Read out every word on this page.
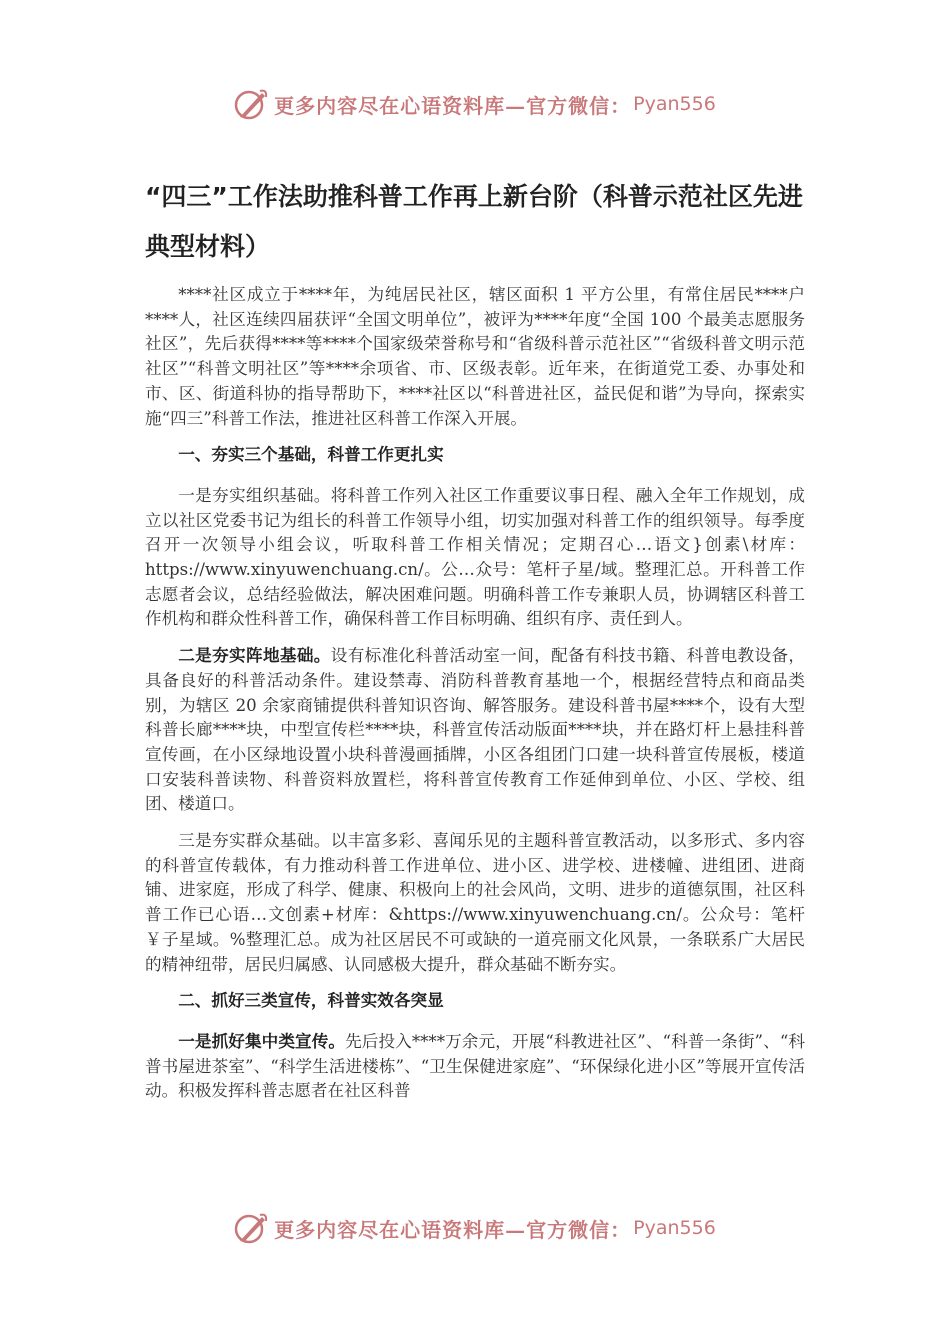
更多内容尽在心语资料库—官方微信： Pyan556
“四三”工作法助推科普工作再上新台阶（科普示范社区先进典型材料）

****社区成立于****年，为纯居民社区，辖区面积 1 平方公里，有常住居民****户****人，社区连续四届获评“全国文明单位”，被评为****年度“全国 100 个最美志愿服务社区”，先后获得****等****个国家级荣誉称号和“省级科普示范社区”“省级科普文明示范社区”“科普文明社区”等****余项省、市、区级表彰。近年来，在街道党工委、办事处和市、区、街道科协的指导帮助下，****社区以“科普进社区，益民促和谐”为导向，探索实施“四三”科普工作法，推进社区科普工作深入开展。

一、夯实三个基础，科普工作更扎实

一是夯实组织基础。将科普工作列入社区工作重要议事日程、融入全年工作规划，成立以社区党委书记为组长的科普工作领导小组，切实加强对科普工作的组织领导。每季度召开一次领导小组会议，听取科普工作相关情况；定期召心…语文}创素\材库：https://www.xinyuwenchuang.cn/。公…众号：笔杆子星/域。整理汇总。开科普工作志愿者会议，总结经验做法，解决困难问题。明确科普工作专兼职人员，协调辖区科普工作机构和群众性科普工作，确保科普工作目标明确、组织有序、责任到人。

二是夯实阵地基础。设有标准化科普活动室一间，配备有科技书籍、科普电教设备，具备良好的科普活动条件。建设禁毒、消防科普教育基地一个，根据经营特点和商品类别，为辖区 20 余家商铺提供科普知识咨询、解答服务。建设科普书屋****个，设有大型科普长廊****块，中型宣传栏****块，科普宣传活动版面****块，并在路灯杆上悬挂科普宣传画，在小区绿地设置小块科普漫画插牌，小区各组团门口建一块科普宣传展板，楼道口安装科普读物、科普资料放置栏，将科普宣传教育工作延伸到单位、小区、学校、组团、楼道口。

三是夯实群众基础。以丰富多彩、喜闻乐见的主题科普宣教活动，以多形式、多内容的科普宣传载体，有力推动科普工作进单位、进小区、进学校、进楼幢、进组团、进商铺、进家庭，形成了科学、健康、积极向上的社会风尚，文明、进步的道德氛围，社区科普工作已心语…文创素+材库：&https://www.xinyuwenchuang.cn/。公众号：笔杆￥子星域。%整理汇总。成为社区居民不可或缺的一道亮丽文化风景，一条联系广大居民的精神纽带，居民归属感、认同感极大提升，群众基础不断夯实。

二、抓好三类宣传，科普实效各突显

一是抓好集中类宣传。先后投入****万余元，开展“科教进社区”、“科普一条街”、“科普书屋进茶室”、“科学生活进楼栋”、“卫生保健进家庭”、“环保绿化进小区”等展开宣传活动。积极发挥科普志愿者在社区科普

更多内容尽在心语资料库—官方微信： Pyan556
